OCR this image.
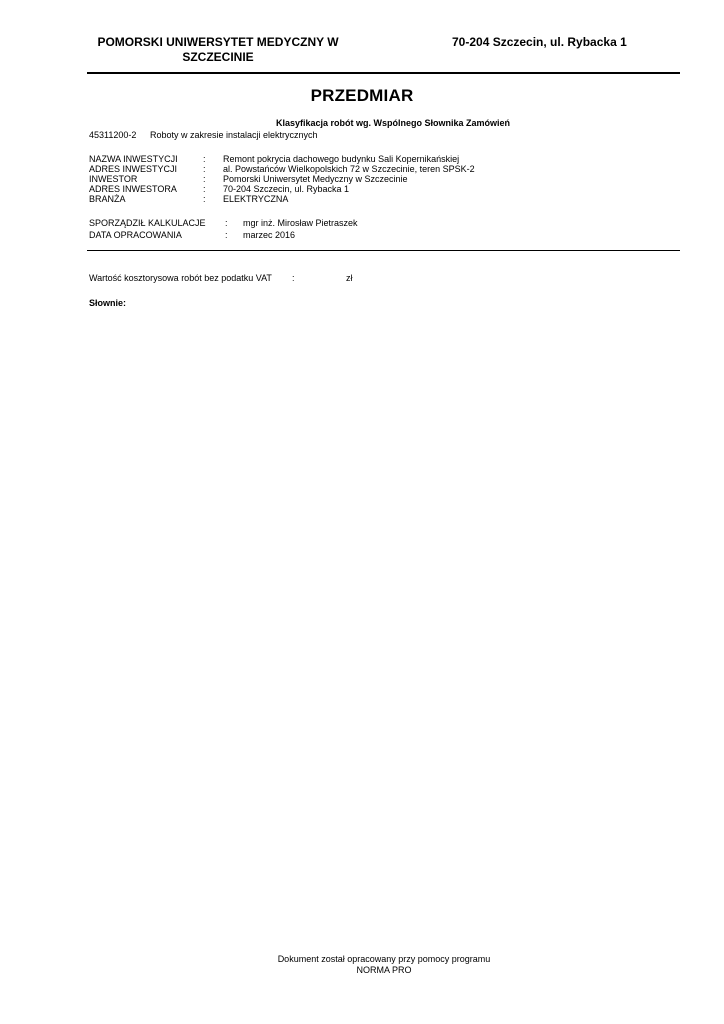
POMORSKI UNIWERSYTET MEDYCZNY W SZCZECINIE
70-204 Szczecin, ul. Rybacka 1
PRZEDMIAR
Klasyfikacja robót wg. Wspólnego Słownika Zamówień
45311200-2 Roboty w zakresie instalacji elektrycznych
NAZWA INWESTYCJI	: Remont pokrycia dachowego budynku Sali Kopernikańskiej
ADRES INWESTYCJI	: al. Powstańców Wielkopolskich 72 w Szczecinie, teren SPSK-2
INWESTOR	: Pomorski Uniwersytet Medyczny w Szczecinie
ADRES INWESTORA	: 70-204 Szczecin, ul. Rybacka 1
BRANŻA	: ELEKTRYCZNA
SPORZĄDZIŁ KALKULACJE : mgr inż. Mirosław Pietraszek
DATA OPRACOWANIA	: marzec 2016
Wartość kosztorysowa robót bez podatku VAT :	zł
Słownie:
Dokument został opracowany przy pomocy programu
NORMA PRO
